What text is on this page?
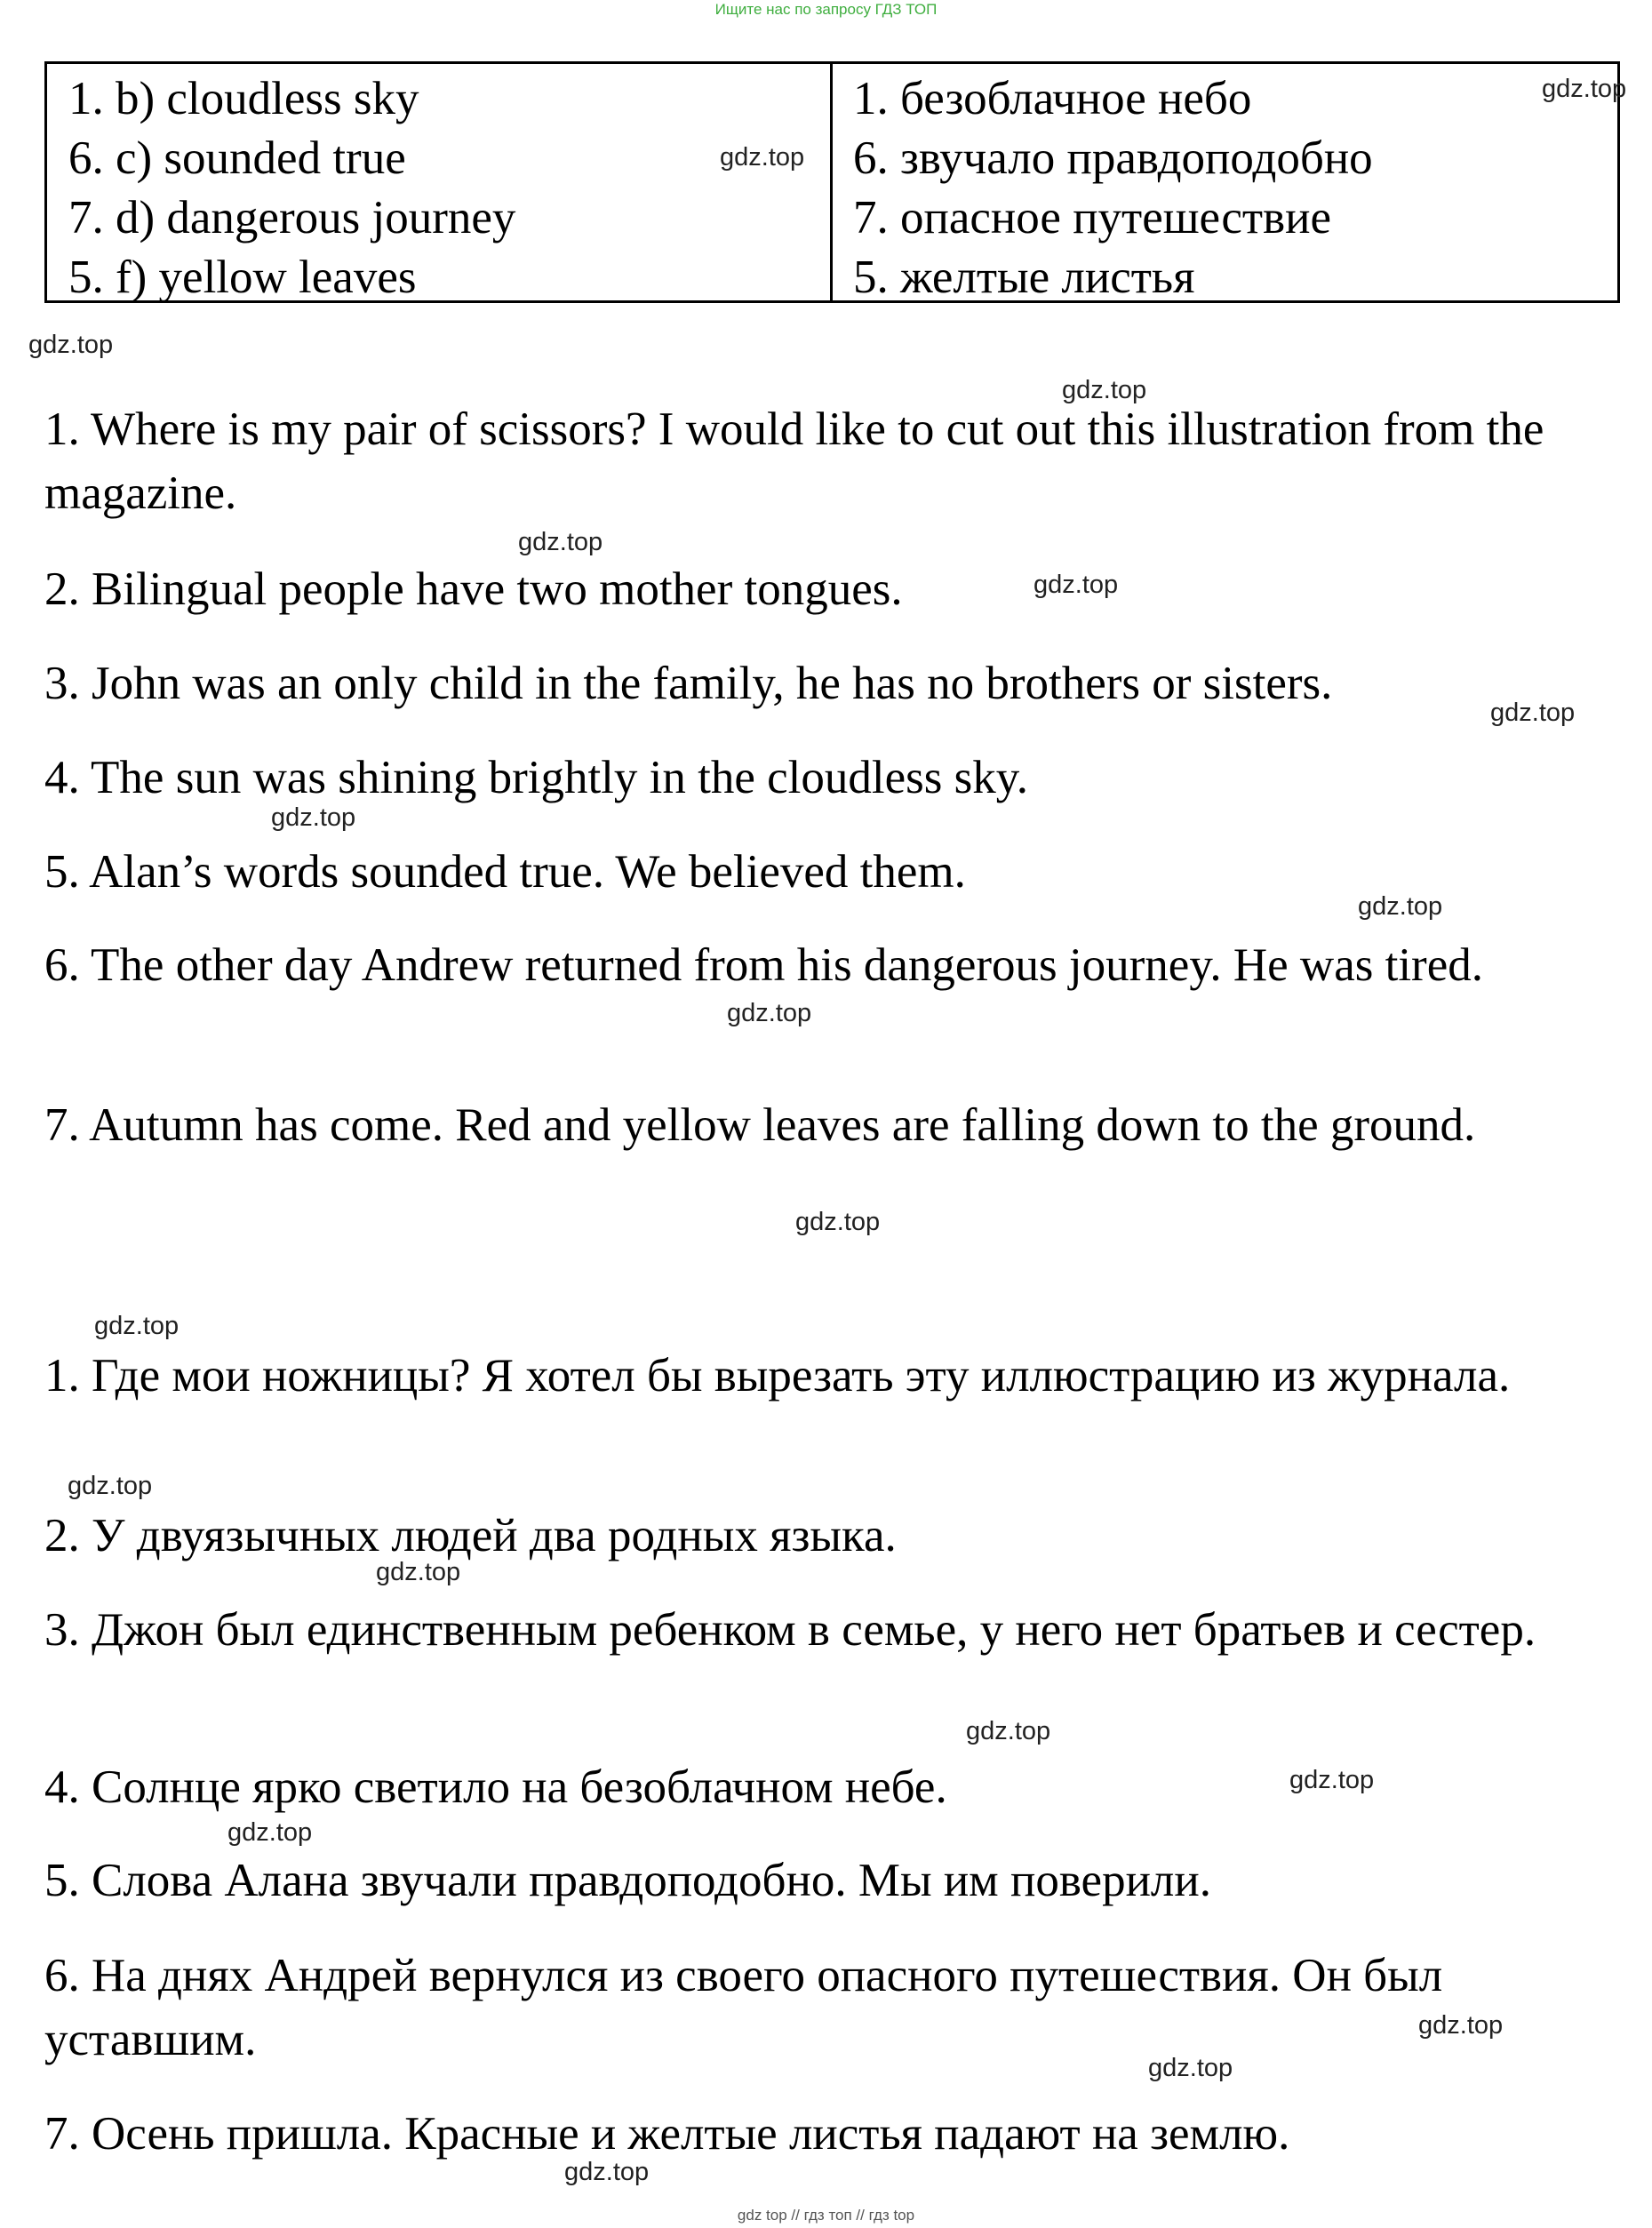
Ищите нас по запросу ГДЗ ТОП
1. b) cloudless sky
6. c) sounded true
7. d) dangerous journey
5. f) yellow leaves
1. безоблачное небо
6. звучало правдоподобно
7. опасное путешествие
5. желтые листья
1. Where is my pair of scissors? I would like to cut out this illustration from the magazine.
2. Bilingual people have two mother tongues.
3. John was an only child in the family, he has no brothers or sisters.
4. The sun was shining brightly in the cloudless sky.
5. Alan’s words sounded true. We believed them.
6. The other day Andrew returned from his dangerous journey. He was tired.
7. Autumn has come. Red and yellow leaves are falling down to the ground.
1. Где мои ножницы? Я хотел бы вырезать эту иллюстрацию из журнала.
2. У двуязычных людей два родных языка.
3. Джон был единственным ребенком в семье, у него нет братьев и сестер.
4. Солнце ярко светило на безоблачном небе.
5. Слова Алана звучали правдоподобно. Мы им поверили.
6. На днях Андрей вернулся из своего опасного путешествия. Он был уставшим.
7. Осень пришла. Красные и желтые листья падают на землю.
gdz.top
gdz.top
gdz.top
gdz.top
gdz.top
gdz.top
gdz.top
gdz.top
gdz.top
gdz.top
gdz.top
gdz.top
gdz.top
gdz.top
gdz.top
gdz.top
gdz.top
gdz.top
gdz.top
gdz.top
gdz top // гдз топ // гдз top
